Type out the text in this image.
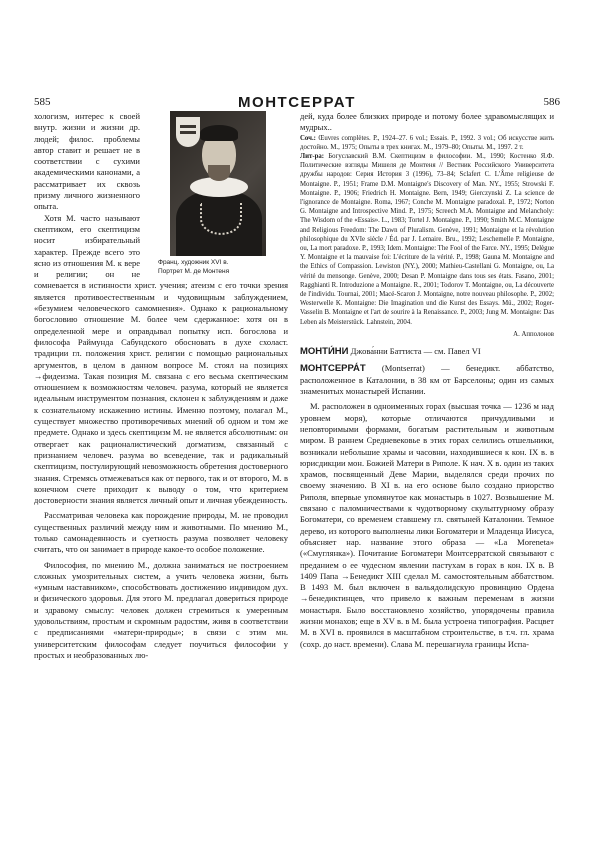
585	МОНТСЕРРАТ	586
Франц. художник XVI в.
Портрет М. де Монтеня

хологизм, интерес к своей внутр. жизни и жизни др. людей; филос. проблемы автор ставит и решает не в соответствии с сухими академическими канонами, а рассматривает их сквозь призму личного жизненного опыта.

Хотя М. часто называют скептиком, его скептицизм носит избирательный характер. Прежде всего это ясно из отношения М. к вере и религии; он не сомневается в истинности христ. учения; атеизм с его точки зрения является противоестественным и чудовищным заблуждением, «безумием человеческого самомнения». Однако к рациональному богословию отношение М. более чем сдержанное: хотя он в определенной мере и оправдывал попытку исп. богослова и философа Раймунда Сабундского обосновать в духе схоласт. традиции гл. положения христ. религии с помощью рациональных аргументов, в целом в данном вопросе М. стоял на позициях →фидеизма. Такая позиция М. связана с его весьма скептическим отношением к возможностям человеч. разума, который не является идеальным инструментом познания, склонен к заблуждениям и даже к сознательному искажению истины. Именно поэтому, полагал М., существует множество противоречивых мнений об одном и том же предмете. Однако и здесь скептицизм М. не является абсолютным: он отвергает как рационалистический догматизм, связанный с признанием человеч. разума во всеведение, так и радикальный скептицизм, постулирующий невозможность обретения достоверного знания. Стремясь отмежеваться как от первого, так и от второго, М. в конечном счете приходит к выводу о том, что критерием достоверности знания является личный опыт и личная убежденность.

Рассматривая человека как порождение природы, М. не проводил существенных различий между ним и животными. По мнению М., только самонадеянность и суетность разума позволяет человеку считать, что он занимает в природе какое-то особое положение.

Философия, по мнению М., должна заниматься не построением сложных умозрительных систем, а учить человека жизни, быть «умным наставником», способствовать достижению индивидом дух. и физического здоровья. Для этого М. предлагал довериться природе и здравому смыслу: человек должен стремиться к умеренным удовольствиям, простым и скромным радостям, живя в соответствии с предписаниями «матери-природы»; в связи с этим мн. университетским философам следует поучиться философии у простых и необразованных лю-

дей, куда более близких природе и потому более здравомыслящих и мудрых..

Соч.: Œuvres complètes. P., 1924–27. 6 vol.; Essais. P., 1992. 3 vol.; Об искусстве жить достойно. М., 1975; Опыты в трех книгах. М., 1979–80; Опыты. М., 1997. 2 т.

Лит-ра: Богуславский В.М. Скептицизм в философии. М., 1990; Костенко Я.Ф. Политические взгляды Мишеля де Монтеня // Вестник Российского Университета дружбы народов: Серия История 3 (1996), 73–84; Sclafert C. L'Âme religieuse de Montaigne. P., 1951; Frame D.M. Montaigne's Discovery of Man. NY., 1955; Strowski F. Montaigne. P., 1906; Friedrich H. Montaigne. Bern, 1949; Gierczynski Z. La science de l'ignorance de Montaigne. Roma, 1967; Conche M. Montaigne paradoxal. P., 1972; Norton G. Montaigne and Introspective Mind. P., 1975; Screech M.A. Montaigne and Melancholy: The Wisdom of the «Essais». L., 1983; Tortel J. Montaigne. P., 1990; Smith M.C. Montaigne and Religious Freedom: The Dawn of Pluralism. Genève, 1991; Montaigne et la révolution philosophique du XVIe siècle / Éd. par J. Lemaire. Bru., 1992; Leschemelle P. Montaigne, ou, La mort paradoxe. P., 1993; Idem. Montaigne: The Fool of the Farce. NY., 1995; Delègue Y. Montaigne et la mauvaise foi: L'écriture de la vérité. P., 1998; Gauna M. Montaigne and the Ethics of Compassion. Lewiston (NY.), 2000; Mathieu-Castellani G. Montaigne, ou, La vérité du mensonge. Genève, 2000; Desan P. Montaigne dans tous ses états. Fasano, 2001; Ragghianti R. Introduzione a Montaigne. R., 2001; Todorov T. Montaigne, ou, La découverte de l'individu. Tournai, 2001; Macé-Scaron J. Montaigne, notre nouveau philosophe. P., 2002; Westerwelle K. Montaigne: Die Imagination und die Kunst des Essays. Mü., 2002; Roger-Vasselin B. Montaigne et l'art de sourire à la Renaissance. P., 2003; Jung M. Montaigne: Das Leben als Meisterstück. Lahnstein, 2004.

А. Апполонов

МОНТИ́НИ Джова́нни Баттиста — см. Павел VI

МОНТСЕРРА́Т (Montserrat) — бенедикт. аббатство, расположенное в Каталонии, в 38 км от Барселоны; один из самых знаменитых монастырей Испании.

М. расположен в одноименных горах (высшая точка — 1236 м над уровнем моря), которые отличаются причудливыми и неповторимыми формами, богатым растительным и животным миром. В раннем Средневековье в этих горах селились отшельники, возникали небольшие храмы и часовни, находившиеся к кон. IX в. в юрисдикции мон. Божией Матери в Риполе. К нач. X в. один из таких храмов, посвященный Деве Марии, выделялся среди прочих по своему значению. В XI в. на его основе было создано приорство Риполя, впервые упомянутое как монастырь в 1027. Возвышение М. связано с паломничествами к чудотворному скульптурному образу Богоматери, со временем ставшему гл. святыней Каталонии. Темное дерево, из которого выполнены лики Богоматери и Младенца Иисуса, объясняет нар. название этого образа — «La Moreneta» («Смуглянка»). Почитание Богоматери Монтсерратской связывают с преданием о ее чудесном явлении пастухам в горах в кон. IX в. В 1409 Папа →Бенедикт XIII сделал М. самостоятельным аббатством. В 1493 М. был включен в вальядолидскую провинцию Ордена →бенедиктинцев, что привело к важным переменам в жизни монастыря. Было восстановлено хозяйство, упорядочены правила жизни монахов; еще в XV в. в М. была устроена типография. Расцвет М. в XVI в. проявился в масштабном строительстве, в т.ч. гл. храма (сохр. до наст. времени). Слава М. перешагнула границы Испа-
